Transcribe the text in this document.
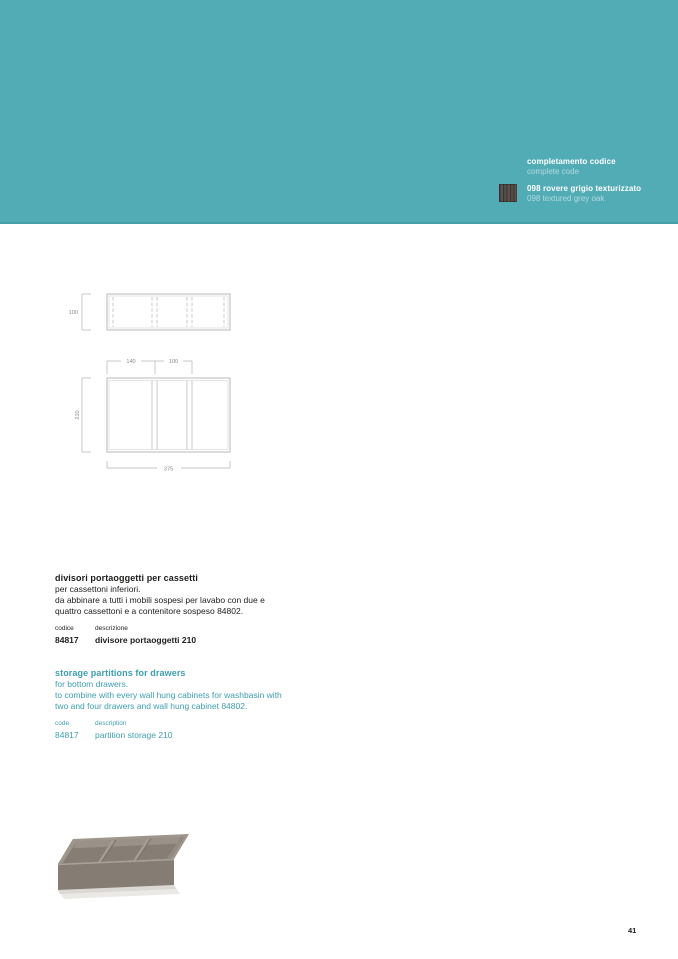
completamento codice
complete code
098 rovere grigio texturizzato
098 textured grey oak
100
140	100
210
375
divisori portaoggetti per cassetti
per cassettoni inferiori.
da abbinare a tutti i mobili sospesi per lavabo con due e
quattro cassettoni e a contenitore sospeso 84802.
codice	descrizione
84817	divisore portaoggetti 210
storage partitions for drawers
for bottom drawers.
to combine with every wall hung cabinets for washbasin with
two and four drawers and wall hung cabinet 84802.
code	description
84817	partition storage 210
41
